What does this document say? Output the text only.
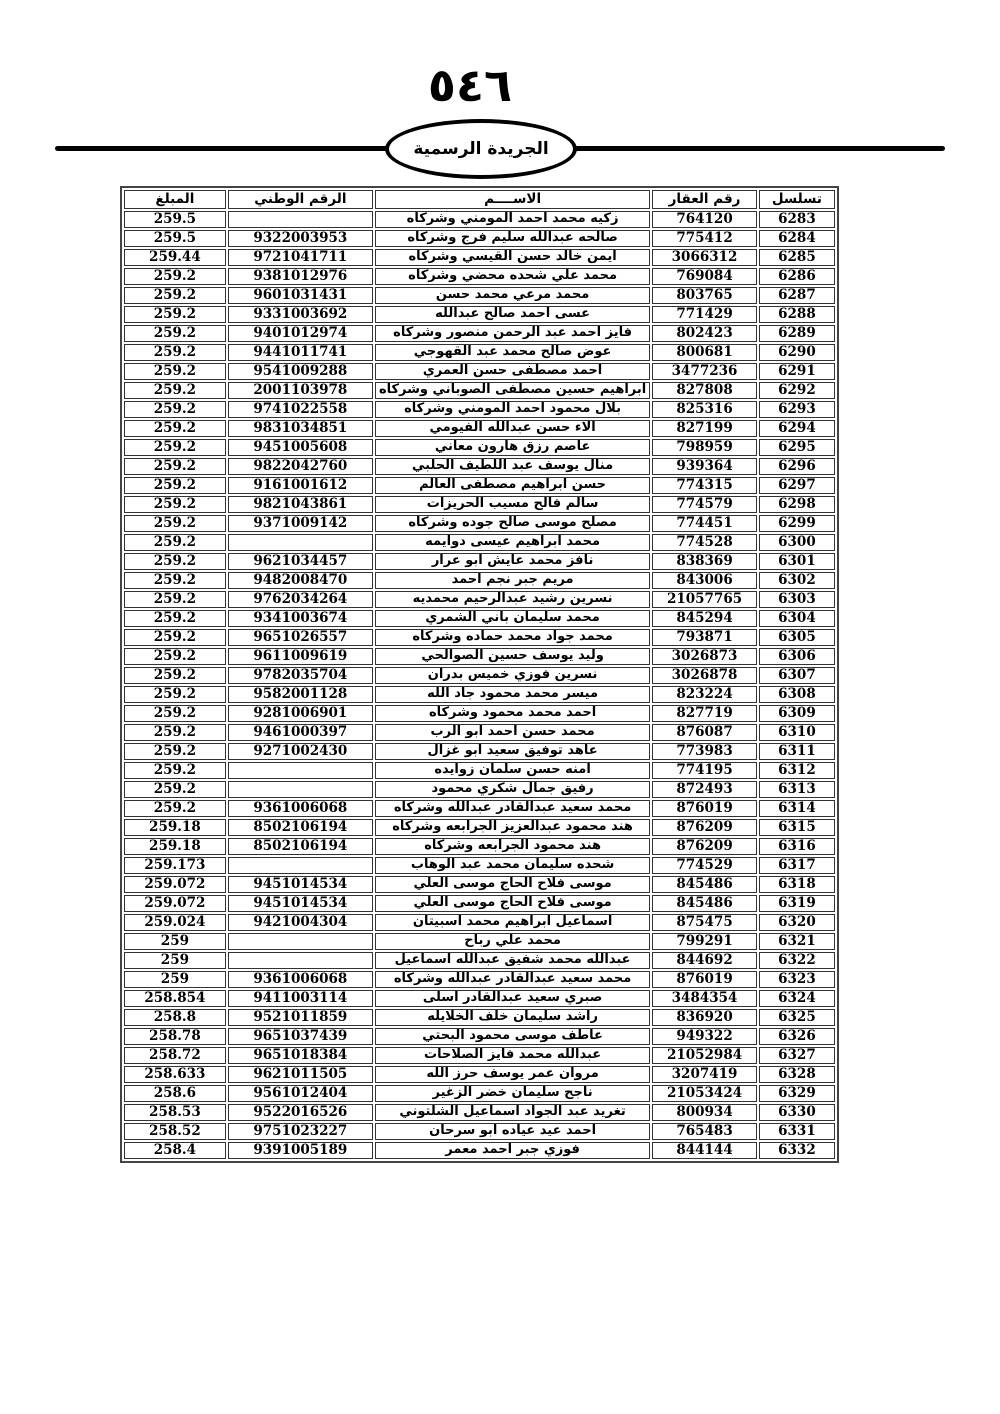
٥٤٦
الجريدة الرسمية
تسلسل	رقم العقار	الاســــم	الرقم الوطني	المبلغ
6283	764120	زكيه محمد احمد المومني وشركاه		259.5
6284	775412	صالحه عبدالله سليم فرج وشركاه	9322003953	259.5
6285	3066312	ايمن خالد حسن القيسي وشركاه	9721041711	259.44
6286	769084	محمد علي شحده محضي وشركاه	9381012976	259.2
6287	803765	محمد مرعي محمد حسن	9601031431	259.2
6288	771429	عسى احمد صالح عبدالله	9331003692	259.2
6289	802423	فايز احمد عبد الرحمن منصور وشركاه	9401012974	259.2
6290	800681	عوض صالح محمد عبد القهوجي	9441011741	259.2
6291	3477236	احمد مصطفى حسن العمري	9541009288	259.2
6292	827808	ابراهيم حسين مصطفى الصوباني وشركاه	2001103978	259.2
6293	825316	بلال محمود احمد المومني وشركاه	9741022558	259.2
6294	827199	الاء حسن عبدالله الفيومي	9831034851	259.2
6295	798959	عاصم رزق هارون معاني	9451005608	259.2
6296	939364	منال يوسف عبد اللطيف الحلبي	9822042760	259.2
6297	774315	حسن ابراهيم مصطفى العالم	9161001612	259.2
6298	774579	سالم فالح مسيب الحريزات	9821043861	259.2
6299	774451	مصلح موسى صالح جوده وشركاه	9371009142	259.2
6300	774528	محمد ابراهيم عيسى دوايمه		259.2
6301	838369	نافز محمد عايش ابو عرار	9621034457	259.2
6302	843006	مريم جبر نجم احمد	9482008470	259.2
6303	21057765	نسرين رشيد عبدالرحيم محمديه	9762034264	259.2
6304	845294	محمد سليمان باني الشمري	9341003674	259.2
6305	793871	محمد جواد محمد حماده وشركاه	9651026557	259.2
6306	3026873	وليد يوسف حسين الصوالحي	9611009619	259.2
6307	3026878	نسرين فوزي خميس بدران	9782035704	259.2
6308	823224	ميسر محمد محمود جاد الله	9582001128	259.2
6309	827719	احمد محمد محمود وشركاه	9281006901	259.2
6310	876087	محمد حسن احمد ابو الرب	9461000397	259.2
6311	773983	عاهد توفيق سعيد ابو غزال	9271002430	259.2
6312	774195	امنه حسن سلمان زوايده		259.2
6313	872493	رفيق جمال شكري محمود		259.2
6314	876019	محمد سعيد عبدالقادر عبدالله وشركاه	9361006068	259.2
6315	876209	هند محمود عبدالعزيز الجرابعه وشركاه	8502106194	259.18
6316	876209	هند محمود الجرابعه وشركاه	8502106194	259.18
6317	774529	شحده سليمان محمد عبد الوهاب		259.173
6318	845486	موسى فلاح الحاج موسى العلي	9451014534	259.072
6319	845486	موسى فلاح الحاج موسى العلي	9451014534	259.072
6320	875475	اسماعيل ابراهيم محمد اسبيتان	9421004304	259.024
6321	799291	محمد علي رباح		259
6322	844692	عبدالله محمد شفيق عبدالله اسماعيل		259
6323	876019	محمد سعيد عبدالقادر عبدالله وشركاه	9361006068	259
6324	3484354	صبري سعيد عبدالقادر اسلى	9411003114	258.854
6325	836920	راشد سليمان خلف الخلايله	9521011859	258.8
6326	949322	عاطف موسى محمود البحتي	9651037439	258.78
6327	21052984	عبدالله محمد فايز الصلاحات	9651018384	258.72
6328	3207419	مروان عمر يوسف حرز الله	9621011505	258.633
6329	21053424	ناجح سليمان خضر الزغير	9561012404	258.6
6330	800934	تغريد عبد الجواد اسماعيل الشلتوني	9522016526	258.53
6331	765483	احمد عيد عياده ابو سرحان	9751023227	258.52
6332	844144	فوزي جبر احمد معمر	9391005189	258.4
